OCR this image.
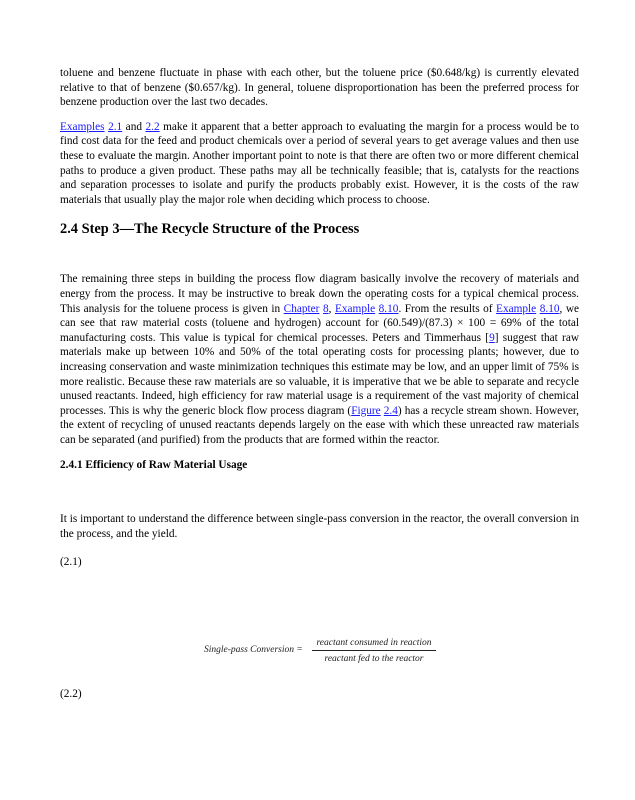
toluene and benzene fluctuate in phase with each other, but the toluene price ($0.648/kg) is currently elevated relative to that of benzene ($0.657/kg). In general, toluene disproportionation has been the preferred process for benzene production over the last two decades.

Examples 2.1 and 2.2 make it apparent that a better approach to evaluating the margin for a process would be to find cost data for the feed and product chemicals over a period of several years to get average values and then use these to evaluate the margin. Another important point to note is that there are often two or more different chemical paths to produce a given product. These paths may all be technically feasible; that is, catalysts for the reactions and separation processes to isolate and purify the products probably exist. However, it is the costs of the raw materials that usually play the major role when deciding which process to choose.

2.4 Step 3—The Recycle Structure of the Process

The remaining three steps in building the process flow diagram basically involve the recovery of materials and energy from the process. It may be instructive to break down the operating costs for a typical chemical process. This analysis for the toluene process is given in Chapter 8, Example 8.10. From the results of Example 8.10, we can see that raw material costs (toluene and hydrogen) account for (60.549)/(87.3) × 100 = 69% of the total manufacturing costs. This value is typical for chemical processes. Peters and Timmerhaus [9] suggest that raw materials make up between 10% and 50% of the total operating costs for processing plants; however, due to increasing conservation and waste minimization techniques this estimate may be low, and an upper limit of 75% is more realistic. Because these raw materials are so valuable, it is imperative that we be able to separate and recycle unused reactants. Indeed, high efficiency for raw material usage is a requirement of the vast majority of chemical processes. This is why the generic block flow process diagram (Figure 2.4) has a recycle stream shown. However, the extent of recycling of unused reactants depends largely on the ease with which these unreacted raw materials can be separated (and purified) from the products that are formed within the reactor.

2.4.1 Efficiency of Raw Material Usage

It is important to understand the difference between single-pass conversion in the reactor, the overall conversion in the process, and the yield.

(2.1)

Single-pass Conversion =
reactant consumed in reaction
reactant fed to the reactor

(2.2)
